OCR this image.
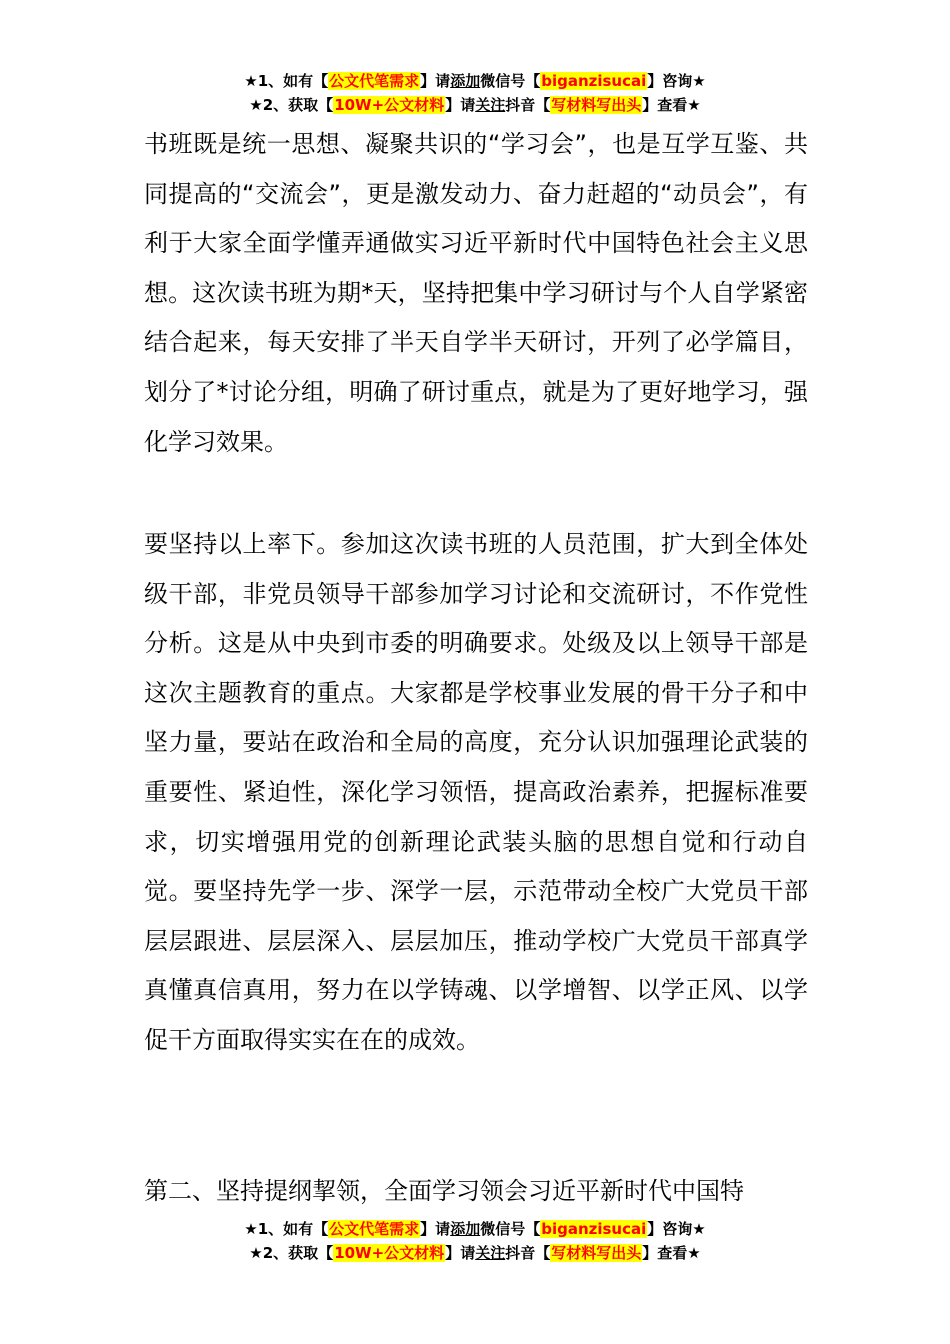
★1、如有【公文代笔需求】请添加微信号【biganzisucai】咨询★
★2、获取【10W+公文材料】请关注抖音【写材料写出头】查看★

书班既是统一思想、凝聚共识的“学习会”，也是互学互鉴、共同提高的“交流会”，更是激发动力、奋力赶超的“动员会”，有利于大家全面学懂弄通做实习近平新时代中国特色社会主义思想。这次读书班为期*天，坚持把集中学习研讨与个人自学紧密结合起来，每天安排了半天自学半天研讨，开列了必学篇目，划分了*讨论分组，明确了研讨重点，就是为了更好地学习，强化学习效果。

要坚持以上率下。参加这次读书班的人员范围，扩大到全体处级干部，非党员领导干部参加学习讨论和交流研讨，不作党性分析。这是从中央到市委的明确要求。处级及以上领导干部是这次主题教育的重点。大家都是学校事业发展的骨干分子和中坚力量，要站在政治和全局的高度，充分认识加强理论武装的重要性、紧迫性，深化学习领悟，提高政治素养，把握标准要求，切实增强用党的创新理论武装头脑的思想自觉和行动自觉。要坚持先学一步、深学一层，示范带动全校广大党员干部层层跟进、层层深入、层层加压，推动学校广大党员干部真学真懂真信真用，努力在以学铸魂、以学增智、以学正风、以学促干方面取得实实在在的成效。

第二、坚持提纲挈领，全面学习领会习近平新时代中国特

★1、如有【公文代笔需求】请添加微信号【biganzisucai】咨询★
★2、获取【10W+公文材料】请关注抖音【写材料写出头】查看★
